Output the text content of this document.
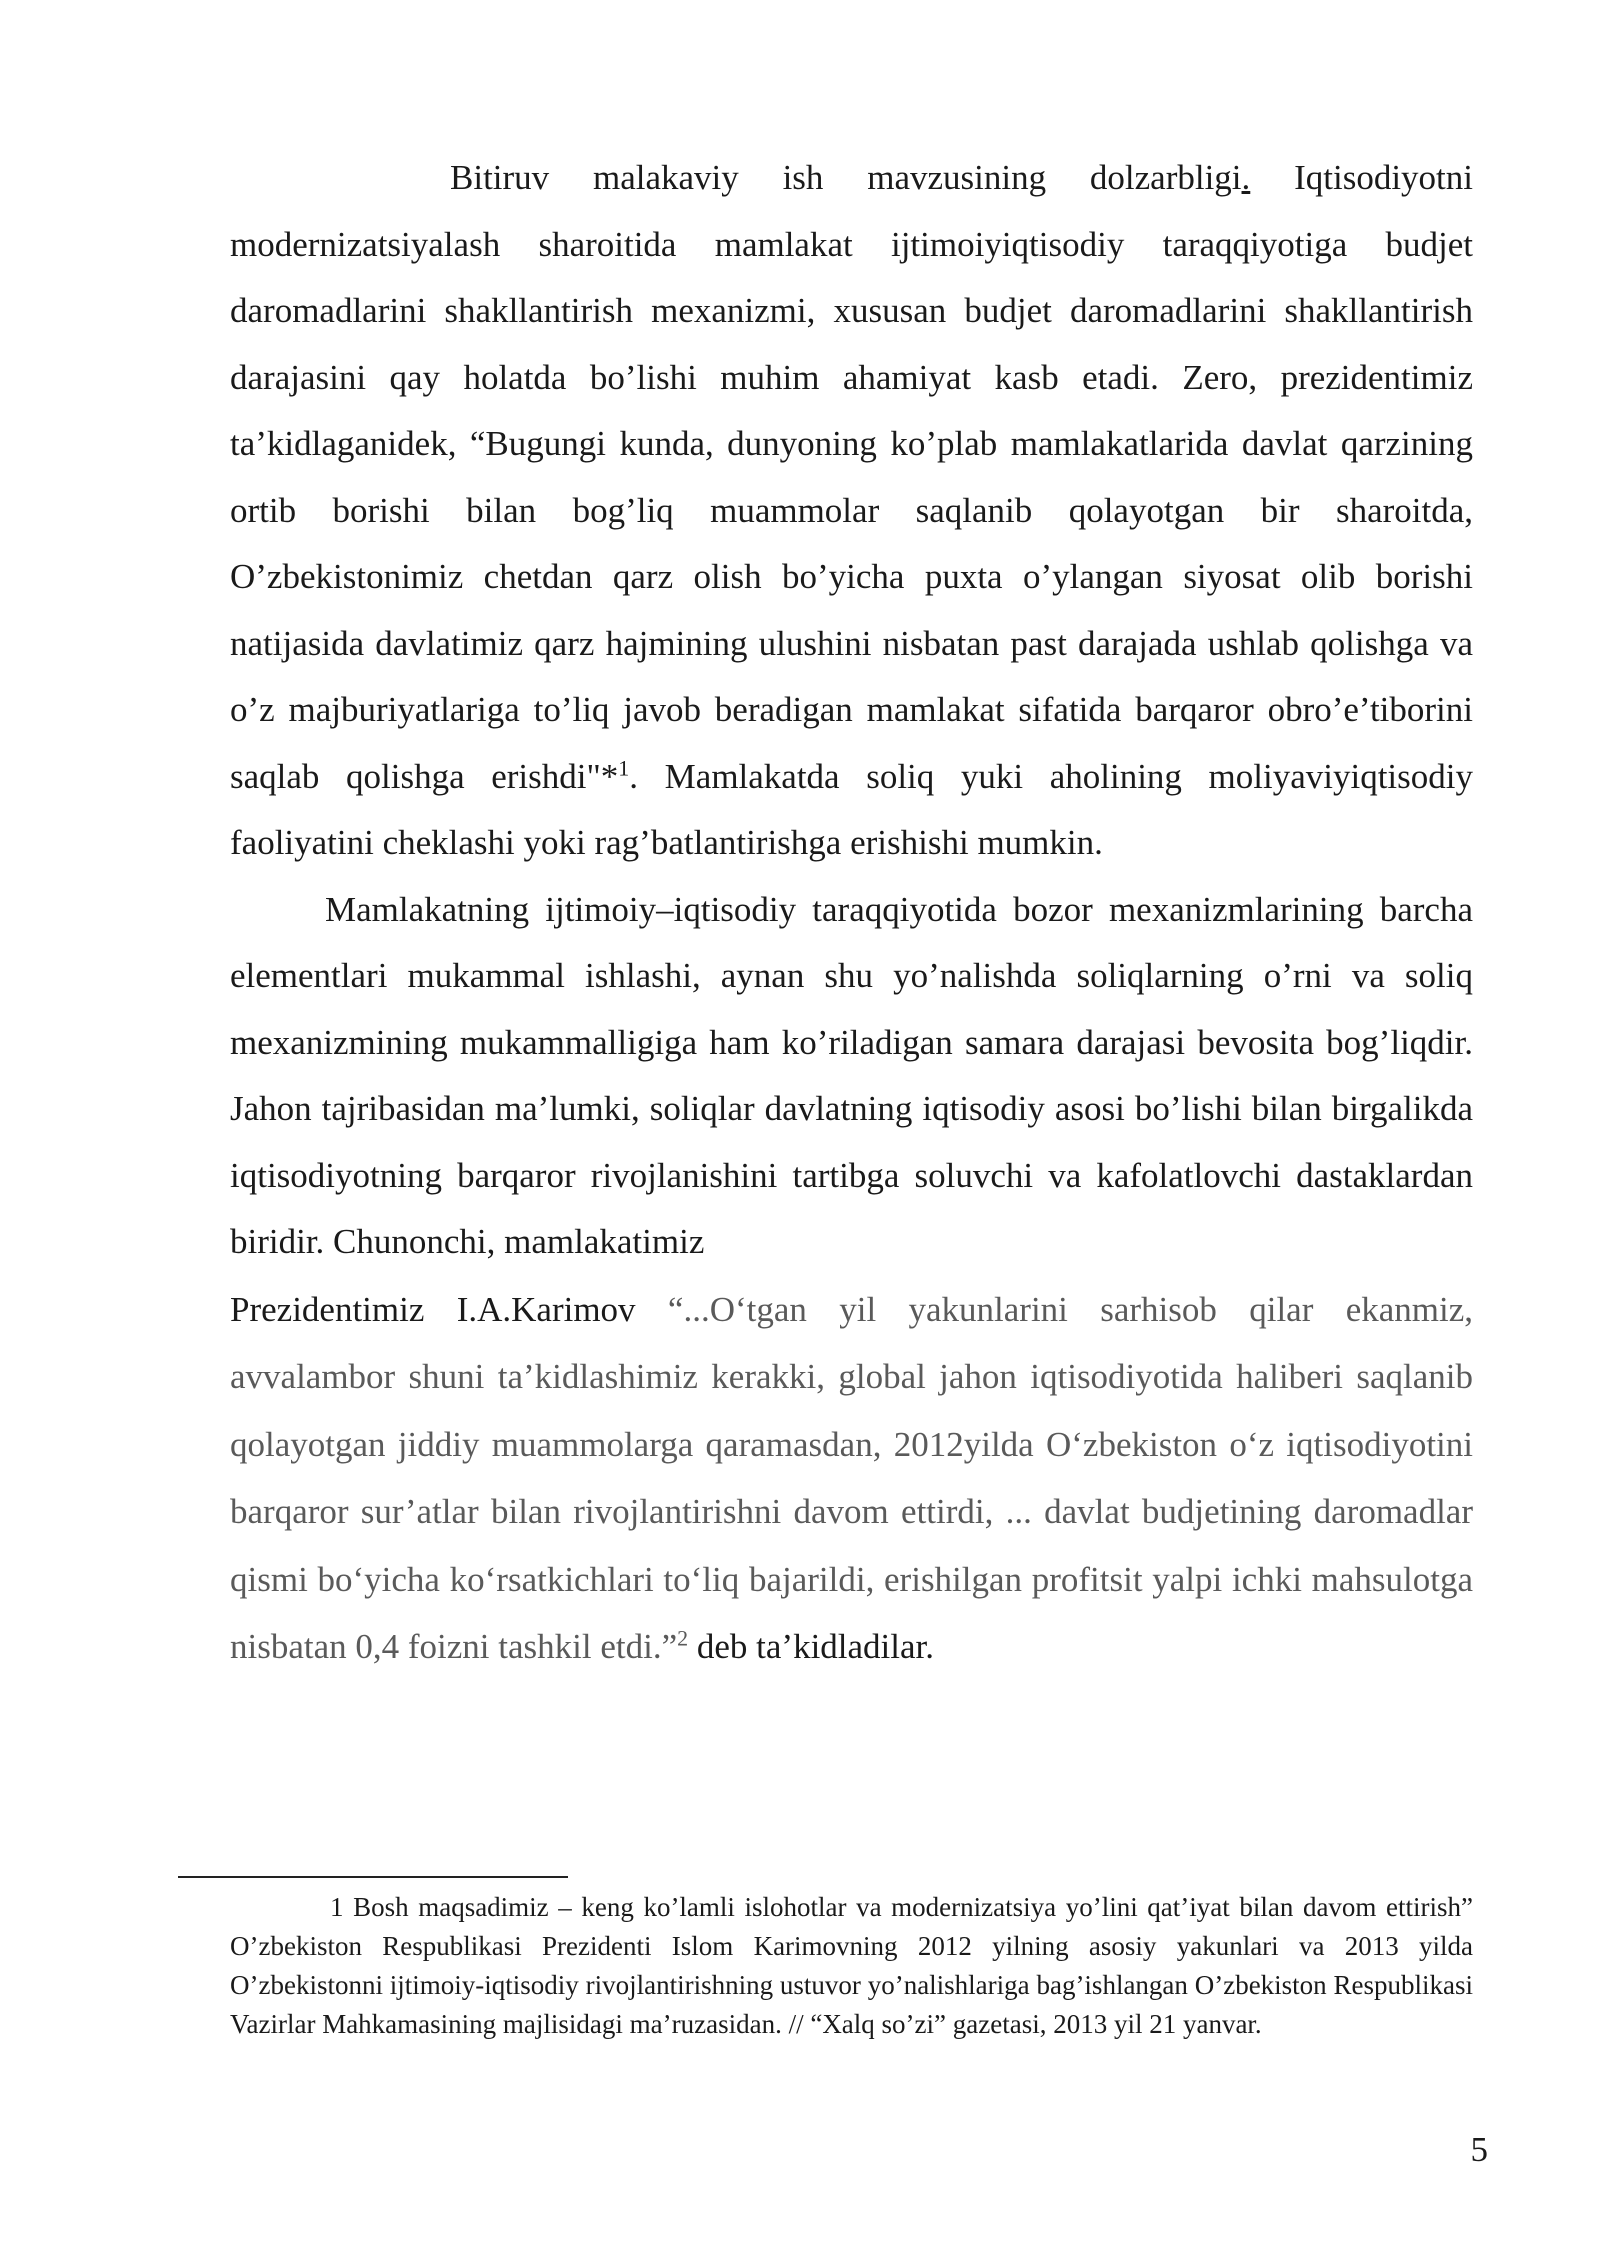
Bitiruv malakaviy ish mavzusining dolzarbligi. Iqtisodiyotni modernizatsiyalash sharoitida mamlakat ijtimoiyiqtisodiy taraqqiyotiga budjet daromadlarini shakllantirish mexanizmi, xususan budjet daromadlarini shakllantirish darajasini qay holatda bo’lishi muhim ahamiyat kasb etadi. Zero, prezidentimiz ta’kidlaganidek, “Bugungi kunda, dunyoning ko’plab mamlakatlarida davlat qarzining ortib borishi bilan bog’liq muammolar saqlanib qolayotgan bir sharoitda, O’zbekistonimiz chetdan qarz olish bo’yicha puxta o’ylangan siyosat olib borishi natijasida davlatimiz qarz hajmining ulushini nisbatan past darajada ushlab qolishga va o’z majburiyatlariga to’liq javob beradigan mamlakat sifatida barqaror obro’e’tiborini saqlab qolishga erishdi"*$^1$. Mamlakatda soliq yuki aholining moliyaviyiqtisodiy faoliyatini cheklashi yoki rag’batlantirishga erishishi mumkin.

Mamlakatning ijtimoiy–iqtisodiy taraqqiyotida bozor mexanizmlarining barcha elementlari mukammal ishlashi, aynan shu yo’nalishda soliqlarning o’rni va soliq mexanizmining mukammalligiga ham ko’riladigan samara darajasi bevosita bog’liqdir. Jahon tajribasidan ma’lumki, soliqlar davlatning iqtisodiy asosi bo’lishi bilan birgalikda iqtisodiyotning barqaror rivojlanishini tartibga soluvchi va kafolatlovchi dastaklardan biridir. Chunonchi, mamlakatimiz

Prezidentimiz I.A.Karimov “...O‘tgan yil yakunlarini sarhisob qilar ekanmiz, avvalambor shuni ta’kidlashimiz kerakki, global jahon iqtisodiyotida haliberi saqlanib qolayotgan jiddiy muammolarga qaramasdan, 2012yilda O‘zbekiston o‘z iqtisodiyotini barqaror sur’atlar bilan rivojlantirishni davom ettirdi, ... davlat budjetining daromadlar qismi bo‘yicha ko‘rsatkichlari to‘liq bajarildi, erishilgan profitsit yalpi ichki mahsulotga nisbatan 0,4 foizni tashkil etdi.”$^2$ deb ta’kidladilar.

1 Bosh maqsadimiz – keng ko’lamli islohotlar va modernizatsiya yo’lini qat’iyat bilan davom ettirish” O’zbekiston Respublikasi Prezidenti Islom Karimovning 2012 yilning asosiy yakunlari va 2013 yilda O’zbekistonni ijtimoiy-iqtisodiy rivojlantirishning ustuvor yo’nalishlariga bag’ishlangan O’zbekiston Respublikasi Vazirlar Mahkamasining majlisidagi ma’ruzasidan. // “Xalq so’zi” gazetasi, 2013 yil 21 yanvar.

5
